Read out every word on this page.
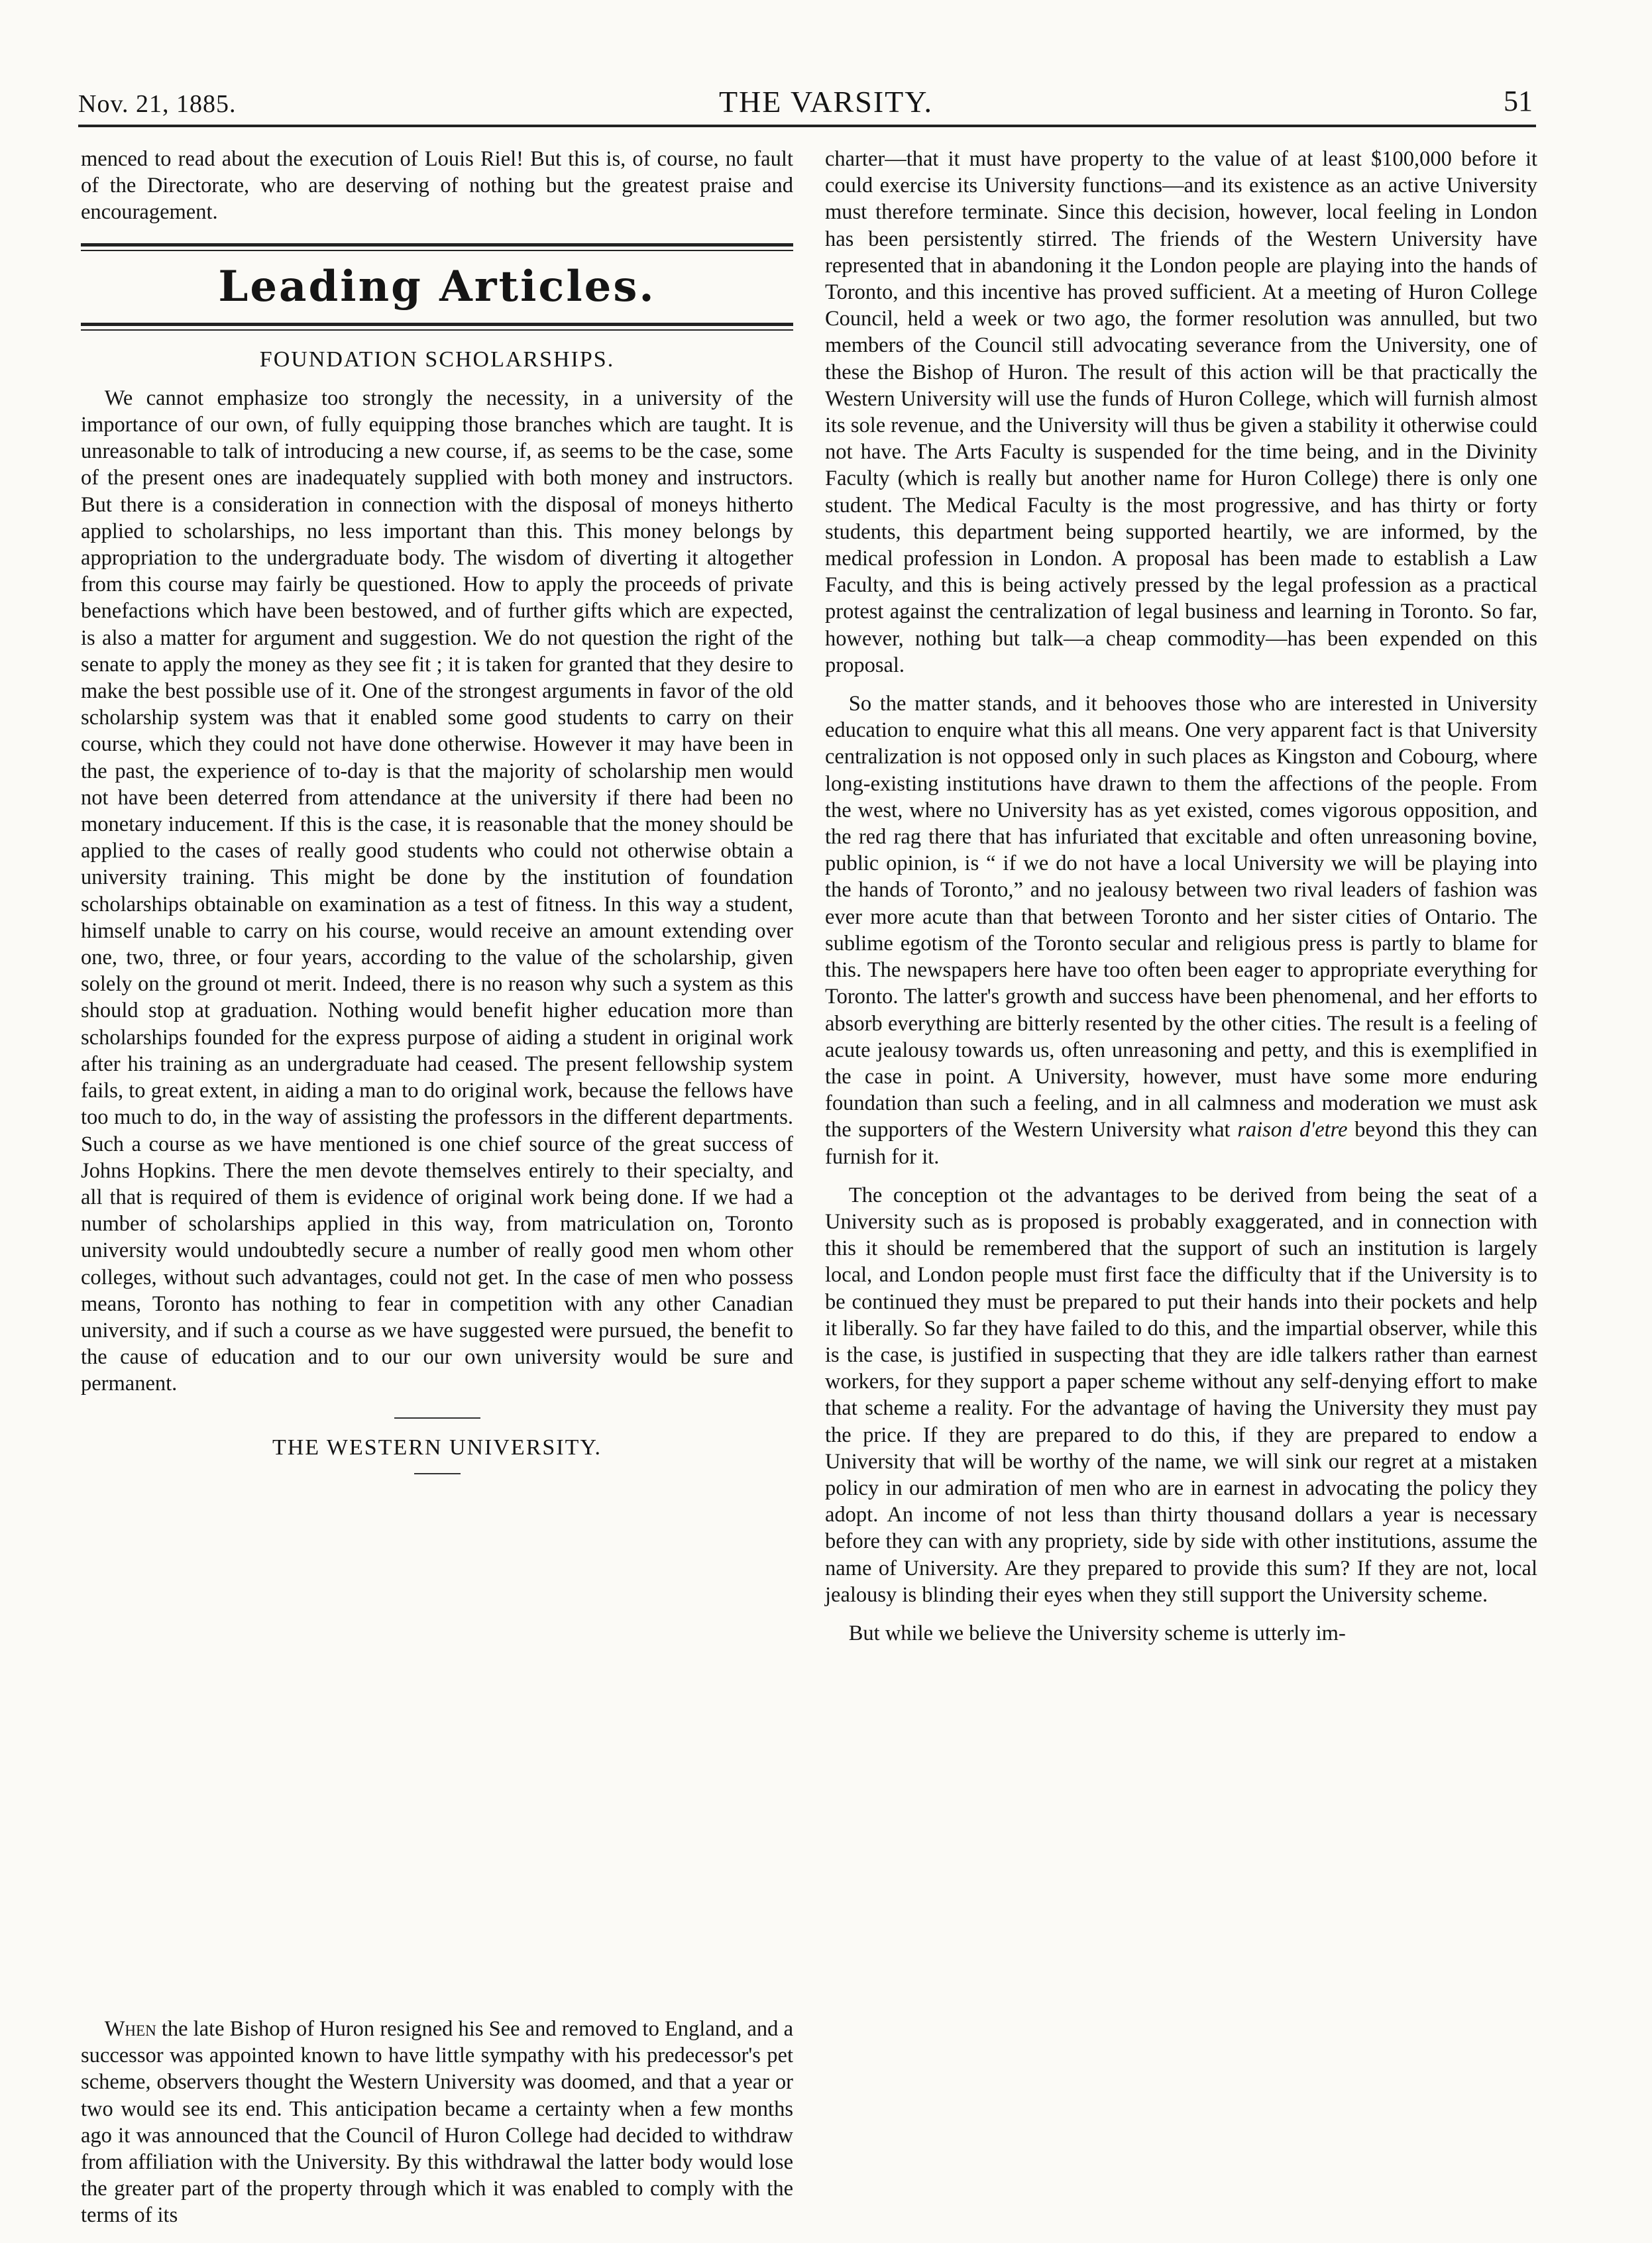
Nov. 21, 1885.	THE VARSITY.	51

menced to read about the execution of Louis Riel! But this is, of course, no fault of the Directorate, who are deserving of nothing but the greatest praise and encouragement.

Leading Articles.
FOUNDATION SCHOLARSHIPS.

We cannot emphasize too strongly the necessity, in a university of the importance of our own, of fully equipping those branches which are taught. It is unreasonable to talk of introducing a new course, if, as seems to be the case, some of the present ones are inadequately supplied with both money and instructors. But there is a consideration in connection with the disposal of moneys hitherto applied to scholarships, no less important than this. This money belongs by appropriation to the undergraduate body. The wisdom of diverting it altogether from this course may fairly be questioned. How to apply the proceeds of private benefactions which have been bestowed, and of further gifts which are expected, is also a matter for argument and suggestion. We do not question the right of the senate to apply the money as they see fit ; it is taken for granted that they desire to make the best possible use of it. One of the strongest arguments in favor of the old scholarship system was that it enabled some good students to carry on their course, which they could not have done otherwise. However it may have been in the past, the experience of to-day is that the majority of scholarship men would not have been deterred from attendance at the university if there had been no monetary inducement. If this is the case, it is reasonable that the money should be applied to the cases of really good students who could not otherwise obtain a university training. This might be done by the institution of foundation scholarships obtainable on examination as a test of fitness. In this way a student, himself unable to carry on his course, would receive an amount extending over one, two, three, or four years, according to the value of the scholarship, given solely on the ground ot merit. Indeed, there is no reason why such a system as this should stop at graduation. Nothing would benefit higher education more than scholarships founded for the express purpose of aiding a student in original work after his training as an undergraduate had ceased. The present fellowship system fails, to great extent, in aiding a man to do original work, because the fellows have too much to do, in the way of assisting the professors in the different departments. Such a course as we have mentioned is one chief source of the great success of Johns Hopkins. There the men devote themselves entirely to their specialty, and all that is required of them is evidence of original work being done. If we had a number of scholarships applied in this way, from matriculation on, Toronto university would undoubtedly secure a number of really good men whom other colleges, without such advantages, could not get. In the case of men who possess means, Toronto has nothing to fear in competition with any other Canadian university, and if such a course as we have suggested were pursued, the benefit to the cause of education and to our our own university would be sure and permanent.

THE WESTERN UNIVERSITY.

When the late Bishop of Huron resigned his See and removed to England, and a successor was appointed known to have little sympathy with his predecessor's pet scheme, observers thought the Western University was doomed, and that a year or two would see its end. This anticipation became a certainty when a few months ago it was announced that the Council of Huron College had decided to withdraw from affiliation with the University. By this withdrawal the latter body would lose the greater part of the property through which it was enabled to comply with the terms of its

charter—that it must have property to the value of at least $100,000 before it could exercise its University functions—and its existence as an active University must therefore terminate. Since this decision, however, local feeling in London has been persistently stirred. The friends of the Western University have represented that in abandoning it the London people are playing into the hands of Toronto, and this incentive has proved sufficient. At a meeting of Huron College Council, held a week or two ago, the former resolution was annulled, but two members of the Council still advocating severance from the University, one of these the Bishop of Huron. The result of this action will be that practically the Western University will use the funds of Huron College, which will furnish almost its sole revenue, and the University will thus be given a stability it otherwise could not have. The Arts Faculty is suspended for the time being, and in the Divinity Faculty (which is really but another name for Huron College) there is only one student. The Medical Faculty is the most progressive, and has thirty or forty students, this department being supported heartily, we are informed, by the medical profession in London. A proposal has been made to establish a Law Faculty, and this is being actively pressed by the legal profession as a practical protest against the centralization of legal business and learning in Toronto. So far, however, nothing but talk—a cheap commodity—has been expended on this proposal.

So the matter stands, and it behooves those who are interested in University education to enquire what this all means. One very apparent fact is that University centralization is not opposed only in such places as Kingston and Cobourg, where long-existing institutions have drawn to them the affections of the people. From the west, where no University has as yet existed, comes vigorous opposition, and the red rag there that has infuriated that excitable and often unreasoning bovine, public opinion, is “ if we do not have a local University we will be playing into the hands of Toronto,” and no jealousy between two rival leaders of fashion was ever more acute than that between Toronto and her sister cities of Ontario. The sublime egotism of the Toronto secular and religious press is partly to blame for this. The newspapers here have too often been eager to appropriate everything for Toronto. The latter's growth and success have been phenomenal, and her efforts to absorb everything are bitterly resented by the other cities. The result is a feeling of acute jealousy towards us, often unreasoning and petty, and this is exemplified in the case in point. A University, however, must have some more enduring foundation than such a feeling, and in all calmness and moderation we must ask the supporters of the Western University what raison d'etre beyond this they can furnish for it.

The conception ot the advantages to be derived from being the seat of a University such as is proposed is probably exaggerated, and in connection with this it should be remembered that the support of such an institution is largely local, and London people must first face the difficulty that if the University is to be continued they must be prepared to put their hands into their pockets and help it liberally. So far they have failed to do this, and the impartial observer, while this is the case, is justified in suspecting that they are idle talkers rather than earnest workers, for they support a paper scheme without any self-denying effort to make that scheme a reality. For the advantage of having the University they must pay the price. If they are prepared to do this, if they are prepared to endow a University that will be worthy of the name, we will sink our regret at a mistaken policy in our admiration of men who are in earnest in advocating the policy they adopt. An income of not less than thirty thousand dollars a year is necessary before they can with any propriety, side by side with other institutions, assume the name of University. Are they prepared to provide this sum? If they are not, local jealousy is blinding their eyes when they still support the University scheme.

But while we believe the University scheme is utterly im-
